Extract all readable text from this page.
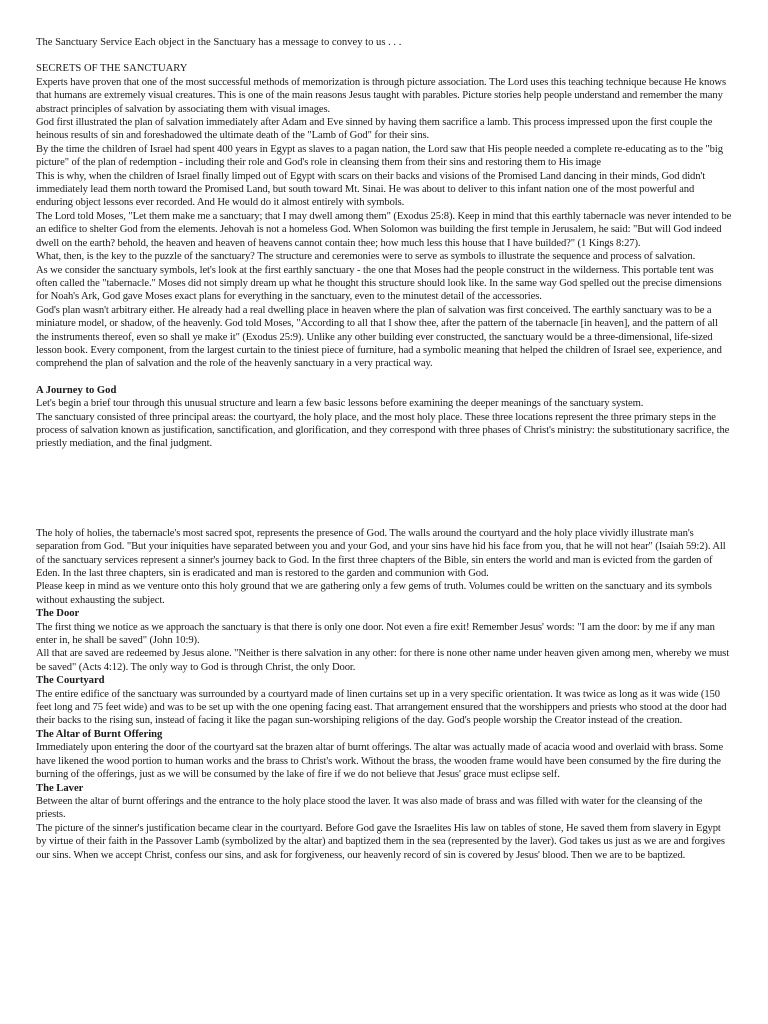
The Sanctuary Service Each object in the Sanctuary has a message to convey to us . . .

SECRETS OF THE SANCTUARY

Experts have proven that one of the most successful methods of memorization is through picture association. The Lord uses this teaching technique because He knows that humans are extremely visual creatures. This is one of the main reasons Jesus taught with parables. Picture stories help people understand and remember the many abstract principles of salvation by associating them with visual images.

God first illustrated the plan of salvation immediately after Adam and Eve sinned by having them sacrifice a lamb. This process impressed upon the first couple the heinous results of sin and foreshadowed the ultimate death of the "Lamb of God" for their sins.

By the time the children of Israel had spent 400 years in Egypt as slaves to a pagan nation, the Lord saw that His people needed a complete re-educating as to the "big picture" of the plan of redemption - including their role and God's role in cleansing them from their sins and restoring them to His image

This is why, when the children of Israel finally limped out of Egypt with scars on their backs and visions of the Promised Land dancing in their minds, God didn't immediately lead them north toward the Promised Land, but south toward Mt. Sinai. He was about to deliver to this infant nation one of the most powerful and enduring object lessons ever recorded. And He would do it almost entirely with symbols.

The Lord told Moses, "Let them make me a sanctuary; that I may dwell among them" (Exodus 25:8). Keep in mind that this earthly tabernacle was never intended to be an edifice to shelter God from the elements. Jehovah is not a homeless God. When Solomon was building the first temple in Jerusalem, he said: "But will God indeed dwell on the earth? behold, the heaven and heaven of heavens cannot contain thee; how much less this house that I have builded?" (1 Kings 8:27).

What, then, is the key to the puzzle of the sanctuary? The structure and ceremonies were to serve as symbols to illustrate the sequence and process of salvation.

As we consider the sanctuary symbols, let's look at the first earthly sanctuary - the one that Moses had the people construct in the wilderness. This portable tent was often called the "tabernacle." Moses did not simply dream up what he thought this structure should look like. In the same way God spelled out the precise dimensions for Noah's Ark, God gave Moses exact plans for everything in the sanctuary, even to the minutest detail of the accessories.

God's plan wasn't arbitrary either. He already had a real dwelling place in heaven where the plan of salvation was first conceived. The earthly sanctuary was to be a miniature model, or shadow, of the heavenly. God told Moses, "According to all that I show thee, after the pattern of the tabernacle [in heaven], and the pattern of all the instruments thereof, even so shall ye make it" (Exodus 25:9). Unlike any other building ever constructed, the sanctuary would be a three-dimensional, life-sized lesson book. Every component, from the largest curtain to the tiniest piece of furniture, had a symbolic meaning that helped the children of Israel see, experience, and comprehend the plan of salvation and the role of the heavenly sanctuary in a very practical way.

A Journey to God

Let's begin a brief tour through this unusual structure and learn a few basic lessons before examining the deeper meanings of the sanctuary system.

The sanctuary consisted of three principal areas: the courtyard, the holy place, and the most holy place. These three locations represent the three primary steps in the process of salvation known as justification, sanctification, and glorification, and they correspond with three phases of Christ's ministry: the substitutionary sacrifice, the priestly mediation, and the final judgment.

The holy of holies, the tabernacle's most sacred spot, represents the presence of God. The walls around the courtyard and the holy place vividly illustrate man's separation from God. "But your iniquities have separated between you and your God, and your sins have hid his face from you, that he will not hear" (Isaiah 59:2). All of the sanctuary services represent a sinner's journey back to God. In the first three chapters of the Bible, sin enters the world and man is evicted from the garden of Eden. In the last three chapters, sin is eradicated and man is restored to the garden and communion with God.

Please keep in mind as we venture onto this holy ground that we are gathering only a few gems of truth. Volumes could be written on the sanctuary and its symbols without exhausting the subject.

The Door

The first thing we notice as we approach the sanctuary is that there is only one door. Not even a fire exit! Remember Jesus' words: "I am the door: by me if any man enter in, he shall be saved" (John 10:9).

All that are saved are redeemed by Jesus alone. "Neither is there salvation in any other: for there is none other name under heaven given among men, whereby we must be saved" (Acts 4:12). The only way to God is through Christ, the only Door.

The Courtyard

The entire edifice of the sanctuary was surrounded by a courtyard made of linen curtains set up in a very specific orientation. It was twice as long as it was wide (150 feet long and 75 feet wide) and was to be set up with the one opening facing east. That arrangement ensured that the worshippers and priests who stood at the door had their backs to the rising sun, instead of facing it like the pagan sun-worshiping religions of the day. God's people worship the Creator instead of the creation.

The Altar of Burnt Offering

Immediately upon entering the door of the courtyard sat the brazen altar of burnt offerings. The altar was actually made of acacia wood and overlaid with brass. Some have likened the wood portion to human works and the brass to Christ's work. Without the brass, the wooden frame would have been consumed by the fire during the burning of the offerings, just as we will be consumed by the lake of fire if we do not believe that Jesus' grace must eclipse self.

The Laver

Between the altar of burnt offerings and the entrance to the holy place stood the laver. It was also made of brass and was filled with water for the cleansing of the priests.

The picture of the sinner's justification became clear in the courtyard. Before God gave the Israelites His law on tables of stone, He saved them from slavery in Egypt by virtue of their faith in the Passover Lamb (symbolized by the altar) and baptized them in the sea (represented by the laver). God takes us just as we are and forgives our sins. When we accept Christ, confess our sins, and ask for forgiveness, our heavenly record of sin is covered by Jesus' blood. Then we are to be baptized.
